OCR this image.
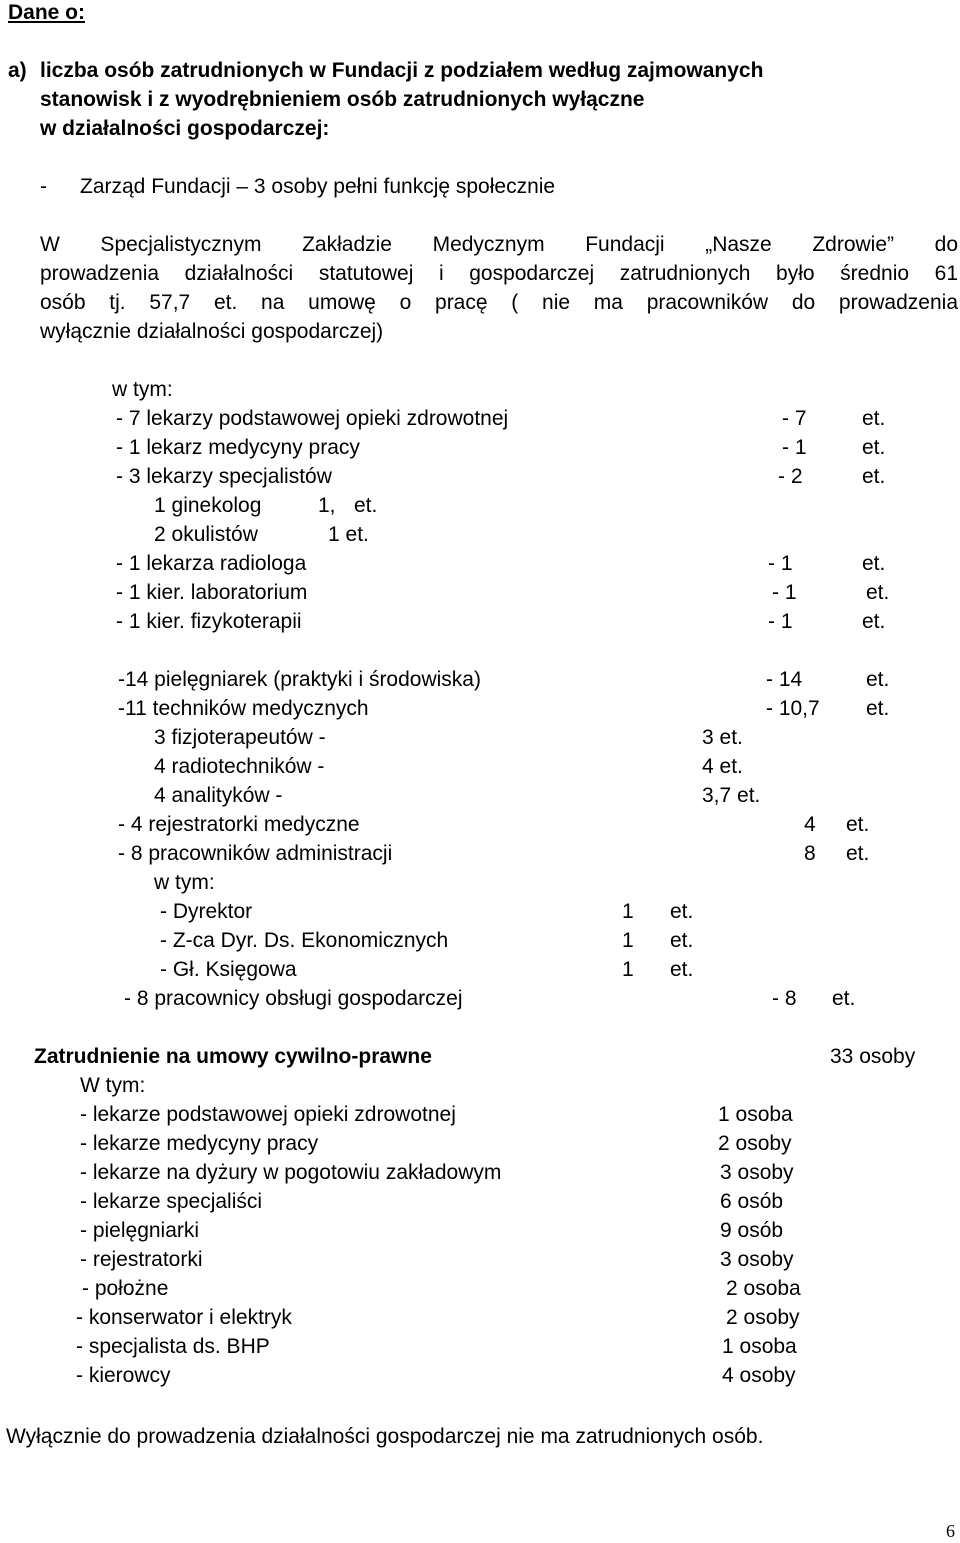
Dane o:
a) liczba osób zatrudnionych w Fundacji z podziałem według zajmowanych
stanowisk i z wyodrębnieniem osób zatrudnionych wyłączne
w działalności gospodarczej:
- Zarząd Fundacji – 3 osoby pełni funkcję społecznie
W Specjalistycznym Zakładzie Medycznym Fundacji „Nasze Zdrowie” do
prowadzenia działalności statutowej i gospodarczej zatrudnionych było średnio 61
osób tj. 57,7 et. na umowę o pracę ( nie ma pracowników do prowadzenia
wyłącznie działalności gospodarczej)
w tym:
- 7 lekarzy podstawowej opieki zdrowotnej	- 7	et.
- 1 lekarz medycyny pracy	- 1	et.
- 3 lekarzy specjalistów	- 2	et.
1 ginekolog	1, et.
2 okulistów	1 et.
- 1 lekarza radiologa	- 1	et.
- 1 kier. laboratorium	- 1	et.
- 1 kier. fizykoterapii	- 1	et.
-14 pielęgniarek (praktyki i środowiska)	- 14	et.
-11 techników medycznych	- 10,7 et.
3 fizjoterapeutów -	3 et.
4 radiotechników -	4 et.
4 analityków -	3,7 et.
- 4 rejestratorki medyczne	4 et.
- 8 pracowników administracji	8 et.
w tym:
- Dyrektor	1 et.
- Z-ca Dyr. Ds. Ekonomicznych	1 et.
- Gł. Księgowa	1 et.
- 8 pracownicy obsługi gospodarczej	- 8 et.
Zatrudnienie na umowy cywilno-prawne	33 osoby
W tym:
- lekarze podstawowej opieki zdrowotnej	1 osoba
- lekarze medycyny pracy	2 osoby
- lekarze na dyżury w pogotowiu zakładowym	3 osoby
- lekarze specjaliści	6 osób
- pielęgniarki	9 osób
- rejestratorki	3 osoby
- położne	2 osoba
- konserwator i elektryk	2 osoby
- specjalista ds. BHP	1 osoba
- kierowcy	4 osoby
Wyłącznie do prowadzenia działalności gospodarczej nie ma zatrudnionych osób.
6
